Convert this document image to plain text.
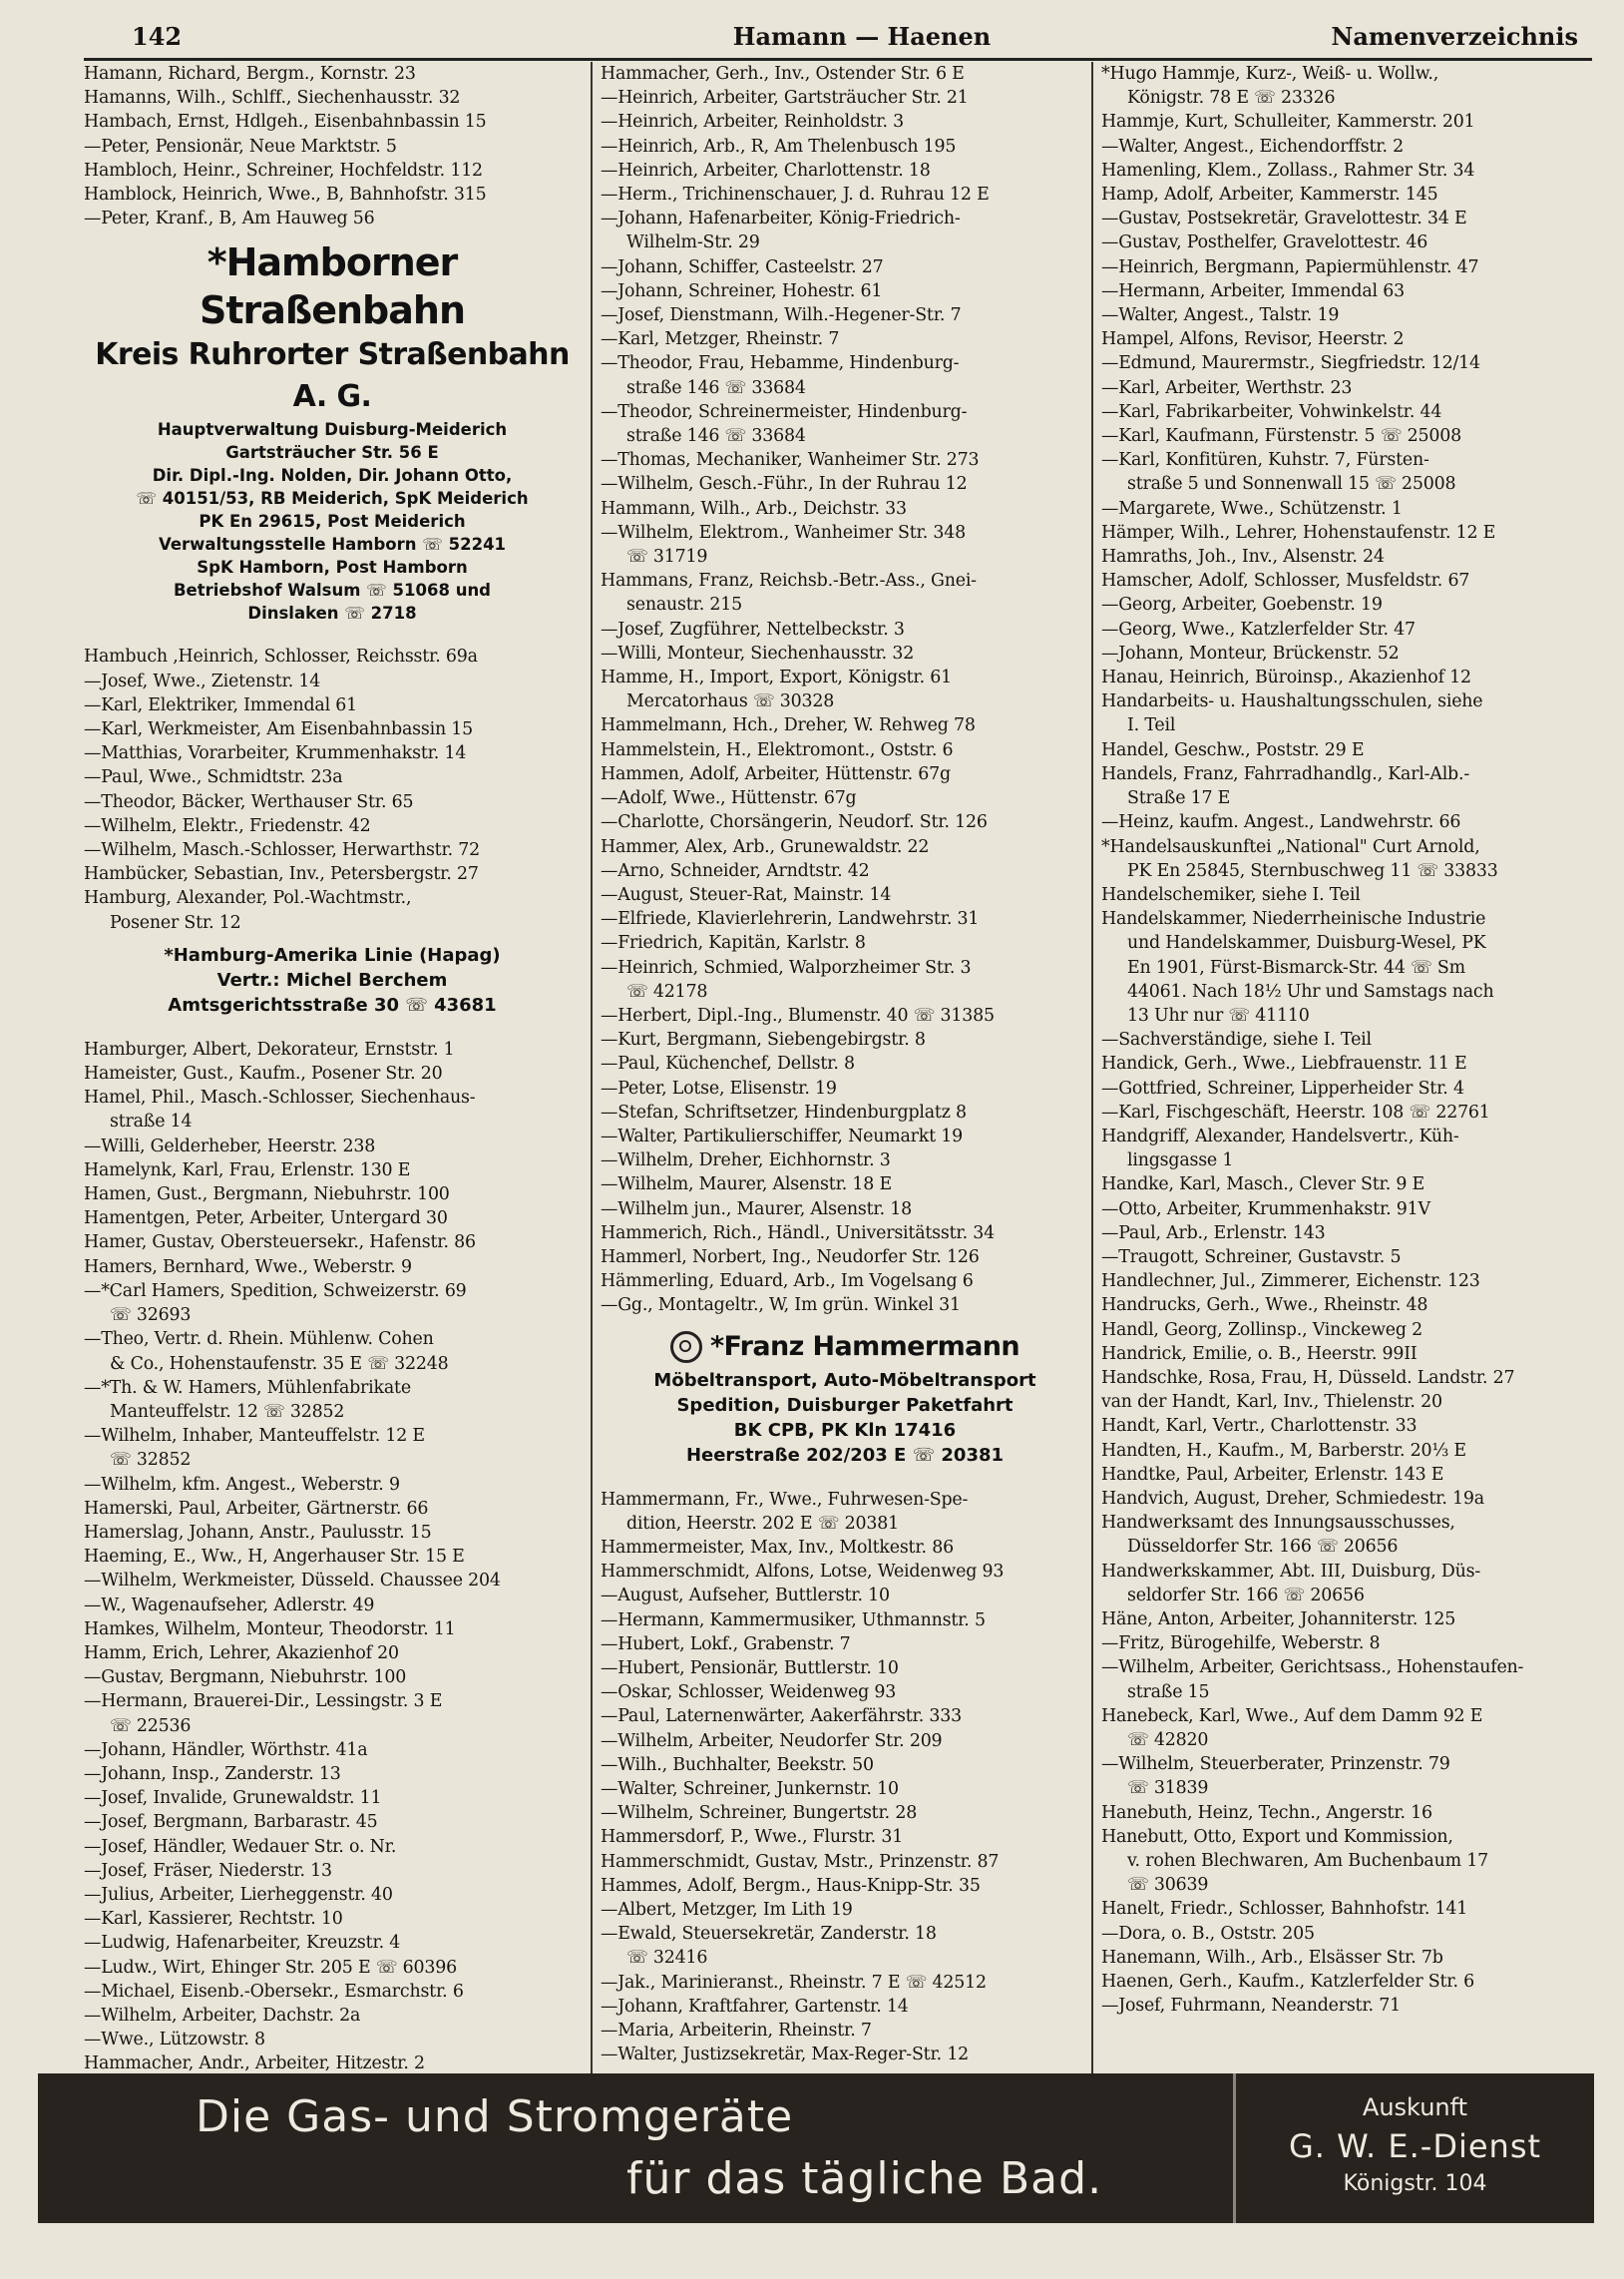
142	Hamann — Haenen	Namenverzeichnis
Hamann, Richard, Bergm., Kornstr. 23
Hamanns, Wilh., Schlff., Siechenhausstr. 32
Hambach, Ernst, Hdlgeh., Eisenbahnbassin 15
—Peter, Pensionär, Neue Marktstr. 5
Hambloch, Heinr., Schreiner, Hochfeldstr. 112
Hamblock, Heinrich, Wwe., B, Bahnhofstr. 315
—Peter, Kranf., B, Am Hauweg 56
*Hamborner Straßenbahn
Kreis Ruhrorter Straßenbahn A. G.
Hauptverwaltung Duisburg-Meiderich
Gartsträucher Str. 56 E
Dir. Dipl.-Ing. Nolden, Dir. Johann Otto,
☏ 40151/53, RB Meiderich, SpK Meiderich
PK En 29615, Post Meiderich
Verwaltungsstelle Hamborn ☏ 52241
SpK Hamborn, Post Hamborn
Betriebshof Walsum ☏ 51068 und
Dinslaken ☏ 2718
Hambuch ,Heinrich, Schlosser, Reichsstr. 69a
—Josef, Wwe., Zietenstr. 14
—Karl, Elektriker, Immendal 61
—Karl, Werkmeister, Am Eisenbahnbassin 15
—Matthias, Vorarbeiter, Krummenhakstr. 14
—Paul, Wwe., Schmidtstr. 23a
—Theodor, Bäcker, Werthauser Str. 65
—Wilhelm, Elektr., Friedenstr. 42
—Wilhelm, Masch.-Schlosser, Herwarthstr. 72
Hambücker, Sebastian, Inv., Petersbergstr. 27
Hamburg, Alexander, Pol.-Wachtmstr.,
Posener Str. 12
*Hamburg-Amerika Linie (Hapag)
Vertr.: Michel Berchem
Amtsgerichtsstraße 30 ☏ 43681
Hamburger, Albert, Dekorateur, Ernststr. 1
Hameister, Gust., Kaufm., Posener Str. 20
Hamel, Phil., Masch.-Schlosser, Siechenhaus-
straße 14
—Willi, Gelderheber, Heerstr. 238
Hamelynk, Karl, Frau, Erlenstr. 130 E
Hamen, Gust., Bergmann, Niebuhrstr. 100
Hamentgen, Peter, Arbeiter, Untergard 30
Hamer, Gustav, Obersteuersekr., Hafenstr. 86
Hamers, Bernhard, Wwe., Weberstr. 9
—*Carl Hamers, Spedition, Schweizerstr. 69
☏ 32693
—Theo, Vertr. d. Rhein. Mühlenw. Cohen
& Co., Hohenstaufenstr. 35 E ☏ 32248
—*Th. & W. Hamers, Mühlenfabrikate
Manteuffelstr. 12 ☏ 32852
—Wilhelm, Inhaber, Manteuffelstr. 12 E
☏ 32852
—Wilhelm, kfm. Angest., Weberstr. 9
Hamerski, Paul, Arbeiter, Gärtnerstr. 66
Hamerslag, Johann, Anstr., Paulusstr. 15
Haeming, E., Ww., H, Angerhauser Str. 15 E
—Wilhelm, Werkmeister, Düsseld. Chaussee 204
—W., Wagenaufseher, Adlerstr. 49
Hamkes, Wilhelm, Monteur, Theodorstr. 11
Hamm, Erich, Lehrer, Akazienhof 20
—Gustav, Bergmann, Niebuhrstr. 100
—Hermann, Brauerei-Dir., Lessingstr. 3 E
☏ 22536
—Johann, Händler, Wörthstr. 41a
—Johann, Insp., Zanderstr. 13
—Josef, Invalide, Grunewaldstr. 11
—Josef, Bergmann, Barbarastr. 45
—Josef, Händler, Wedauer Str. o. Nr.
—Josef, Fräser, Niederstr. 13
—Julius, Arbeiter, Lierheggenstr. 40
—Karl, Kassierer, Rechtstr. 10
—Ludwig, Hafenarbeiter, Kreuzstr. 4
—Ludw., Wirt, Ehinger Str. 205 E ☏ 60396
—Michael, Eisenb.-Obersekr., Esmarchstr. 6
—Wilhelm, Arbeiter, Dachstr. 2a
—Wwe., Lützowstr. 8
Hammacher, Andr., Arbeiter, Hitzestr. 2
Hammacher, Gerh., Inv., Ostender Str. 6 E
—Heinrich, Arbeiter, Gartsträucher Str. 21
—Heinrich, Arbeiter, Reinholdstr. 3
—Heinrich, Arb., R, Am Thelenbusch 195
—Heinrich, Arbeiter, Charlottenstr. 18
—Herm., Trichinenschauer, J. d. Ruhrau 12 E
—Johann, Hafenarbeiter, König-Friedrich-
Wilhelm-Str. 29
—Johann, Schiffer, Casteelstr. 27
—Johann, Schreiner, Hohestr. 61
—Josef, Dienstmann, Wilh.-Hegener-Str. 7
—Karl, Metzger, Rheinstr. 7
—Theodor, Frau, Hebamme, Hindenburg-
straße 146 ☏ 33684
—Theodor, Schreinermeister, Hindenburg-
straße 146 ☏ 33684
—Thomas, Mechaniker, Wanheimer Str. 273
—Wilhelm, Gesch.-Führ., In der Ruhrau 12
Hammann, Wilh., Arb., Deichstr. 33
—Wilhelm, Elektrom., Wanheimer Str. 348
☏ 31719
Hammans, Franz, Reichsb.-Betr.-Ass., Gnei-
senaustr. 215
—Josef, Zugführer, Nettelbeckstr. 3
—Willi, Monteur, Siechenhausstr. 32
Hamme, H., Import, Export, Königstr. 61
Mercatorhaus ☏ 30328
Hammelmann, Hch., Dreher, W. Rehweg 78
Hammelstein, H., Elektromont., Oststr. 6
Hammen, Adolf, Arbeiter, Hüttenstr. 67g
—Adolf, Wwe., Hüttenstr. 67g
—Charlotte, Chorsängerin, Neudorf. Str. 126
Hammer, Alex, Arb., Grunewaldstr. 22
—Arno, Schneider, Arndtstr. 42
—August, Steuer-Rat, Mainstr. 14
—Elfriede, Klavierlehrerin, Landwehrstr. 31
—Friedrich, Kapitän, Karlstr. 8
—Heinrich, Schmied, Walporzheimer Str. 3
☏ 42178
—Herbert, Dipl.-Ing., Blumenstr. 40 ☏ 31385
—Kurt, Bergmann, Siebengebirgstr. 8
—Paul, Küchenchef, Dellstr. 8
—Peter, Lotse, Elisenstr. 19
—Stefan, Schriftsetzer, Hindenburgplatz 8
—Walter, Partikulierschiffer, Neumarkt 19
—Wilhelm, Dreher, Eichhornstr. 3
—Wilhelm, Maurer, Alsenstr. 18 E
—Wilhelm jun., Maurer, Alsenstr. 18
Hammerich, Rich., Händl., Universitätsstr. 34
Hammerl, Norbert, Ing., Neudorfer Str. 126
Hämmerling, Eduard, Arb., Im Vogelsang 6
—Gg., Montageltr., W, Im grün. Winkel 31
*Franz Hammermann
Möbeltransport, Auto-Möbeltransport
Spedition, Duisburger Paketfahrt
BK CPB, PK Kln 17416
Heerstraße 202/203 E ☏ 20381
Hammermann, Fr., Wwe., Fuhrwesen-Spe-
dition, Heerstr. 202 E ☏ 20381
Hammermeister, Max, Inv., Moltkestr. 86
Hammerschmidt, Alfons, Lotse, Weidenweg 93
—August, Aufseher, Buttlerstr. 10
—Hermann, Kammermusiker, Uthmannstr. 5
—Hubert, Lokf., Grabenstr. 7
—Hubert, Pensionär, Buttlerstr. 10
—Oskar, Schlosser, Weidenweg 93
—Paul, Laternenwärter, Aakerfährstr. 333
—Wilhelm, Arbeiter, Neudorfer Str. 209
—Wilh., Buchhalter, Beekstr. 50
—Walter, Schreiner, Junkernstr. 10
—Wilhelm, Schreiner, Bungertstr. 28
Hammersdorf, P., Wwe., Flurstr. 31
Hammerschmidt, Gustav, Mstr., Prinzenstr. 87
Hammes, Adolf, Bergm., Haus-Knipp-Str. 35
—Albert, Metzger, Im Lith 19
—Ewald, Steuersekretär, Zanderstr. 18
☏ 32416
—Jak., Marinieranst., Rheinstr. 7 E ☏ 42512
—Johann, Kraftfahrer, Gartenstr. 14
—Maria, Arbeiterin, Rheinstr. 7
—Walter, Justizsekretär, Max-Reger-Str. 12
*Hugo Hammje, Kurz-, Weiß- u. Wollw.,
Königstr. 78 E ☏ 23326
Hammje, Kurt, Schulleiter, Kammerstr. 201
—Walter, Angest., Eichendorffstr. 2
Hamenling, Klem., Zollass., Rahmer Str. 34
Hamp, Adolf, Arbeiter, Kammerstr. 145
—Gustav, Postsekretär, Gravelottestr. 34 E
—Gustav, Posthelfer, Gravelottestr. 46
—Heinrich, Bergmann, Papiermühlenstr. 47
—Hermann, Arbeiter, Immendal 63
—Walter, Angest., Talstr. 19
Hampel, Alfons, Revisor, Heerstr. 2
—Edmund, Maurermstr., Siegfriedstr. 12/14
—Karl, Arbeiter, Werthstr. 23
—Karl, Fabrikarbeiter, Vohwinkelstr. 44
—Karl, Kaufmann, Fürstenstr. 5 ☏ 25008
—Karl, Konfitüren, Kuhstr. 7, Fürsten-
straße 5 und Sonnenwall 15 ☏ 25008
—Margarete, Wwe., Schützenstr. 1
Hämper, Wilh., Lehrer, Hohenstaufenstr. 12 E
Hamraths, Joh., Inv., Alsenstr. 24
Hamscher, Adolf, Schlosser, Musfeldstr. 67
—Georg, Arbeiter, Goebenstr. 19
—Georg, Wwe., Katzlerfelder Str. 47
—Johann, Monteur, Brückenstr. 52
Hanau, Heinrich, Büroinsp., Akazienhof 12
Handarbeits- u. Haushaltungsschulen, siehe
I. Teil
Handel, Geschw., Poststr. 29 E
Handels, Franz, Fahrradhandlg., Karl-Alb.-
Straße 17 E
—Heinz, kaufm. Angest., Landwehrstr. 66
*Handelsauskunftei „National" Curt Arnold,
PK En 25845, Sternbuschweg 11 ☏ 33833
Handelschemiker, siehe I. Teil
Handelskammer, Niederrheinische Industrie
und Handelskammer, Duisburg-Wesel, PK
En 1901, Fürst-Bismarck-Str. 44 ☏ Sm
44061. Nach 18½ Uhr und Samstags nach
13 Uhr nur ☏ 41110
—Sachverständige, siehe I. Teil
Handick, Gerh., Wwe., Liebfrauenstr. 11 E
—Gottfried, Schreiner, Lipperheider Str. 4
—Karl, Fischgeschäft, Heerstr. 108 ☏ 22761
Handgriff, Alexander, Handelsvertr., Küh-
lingsgasse 1
Handke, Karl, Masch., Clever Str. 9 E
—Otto, Arbeiter, Krummenhakstr. 91V
—Paul, Arb., Erlenstr. 143
—Traugott, Schreiner, Gustavstr. 5
Handlechner, Jul., Zimmerer, Eichenstr. 123
Handrucks, Gerh., Wwe., Rheinstr. 48
Handl, Georg, Zollinsp., Vinckeweg 2
Handrick, Emilie, o. B., Heerstr. 99II
Handschke, Rosa, Frau, H, Düsseld. Landstr. 27
van der Handt, Karl, Inv., Thielenstr. 20
Handt, Karl, Vertr., Charlottenstr. 33
Handten, H., Kaufm., M, Barberstr. 20⅓ E
Handtke, Paul, Arbeiter, Erlenstr. 143 E
Handvich, August, Dreher, Schmiedestr. 19a
Handwerksamt des Innungsausschusses,
Düsseldorfer Str. 166 ☏ 20656
Handwerkskammer, Abt. III, Duisburg, Düs-
seldorfer Str. 166 ☏ 20656
Häne, Anton, Arbeiter, Johanniterstr. 125
—Fritz, Bürogehilfe, Weberstr. 8
—Wilhelm, Arbeiter, Gerichtsass., Hohenstaufen-
straße 15
Hanebeck, Karl, Wwe., Auf dem Damm 92 E
☏ 42820
—Wilhelm, Steuerberater, Prinzenstr. 79
☏ 31839
Hanebuth, Heinz, Techn., Angerstr. 16
Hanebutt, Otto, Export und Kommission,
v. rohen Blechwaren, Am Buchenbaum 17
☏ 30639
Hanelt, Friedr., Schlosser, Bahnhofstr. 141
—Dora, o. B., Oststr. 205
Hanemann, Wilh., Arb., Elsässer Str. 7b
Haenen, Gerh., Kaufm., Katzlerfelder Str. 6
—Josef, Fuhrmann, Neanderstr. 71
Die Gas- und Stromgeräte
für das tägliche Bad.
Auskunft
G. W. E.-Dienst
Königstr. 104
